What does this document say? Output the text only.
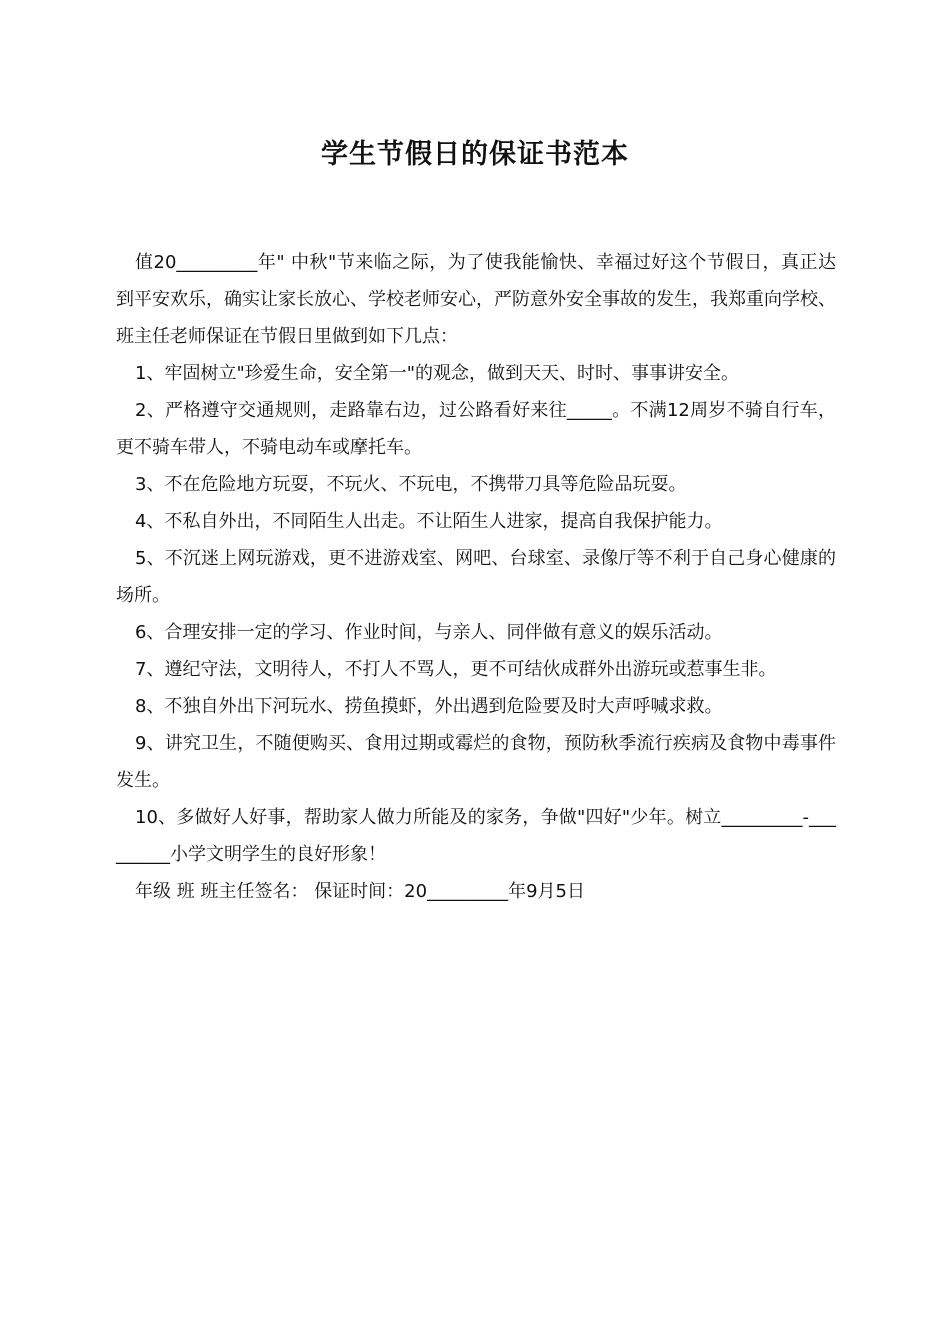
学生节假日的保证书范本

值20_________年" 中秋"节来临之际，为了使我能愉快、幸福过好这个节假日，真正达到平安欢乐，确实让家长放心、学校老师安心，严防意外安全事故的发生，我郑重向学校、班主任老师保证在节假日里做到如下几点：

1、牢固树立"珍爱生命，安全第一"的观念，做到天天、时时、事事讲安全。

2、严格遵守交通规则，走路靠右边，过公路看好来往_____。不满12周岁不骑自行车，更不骑车带人，不骑电动车或摩托车。

3、不在危险地方玩耍，不玩火、不玩电，不携带刀具等危险品玩耍。

4、不私自外出，不同陌生人出走。不让陌生人进家，提高自我保护能力。

5、不沉迷上网玩游戏，更不进游戏室、网吧、台球室、录像厅等不利于自己身心健康的场所。

6、合理安排一定的学习、作业时间，与亲人、同伴做有意义的娱乐活动。

7、遵纪守法，文明待人，不打人不骂人，更不可结伙成群外出游玩或惹事生非。

8、不独自外出下河玩水、捞鱼摸虾，外出遇到危险要及时大声呼喊求救。

9、讲究卫生，不随便购买、食用过期或霉烂的食物，预防秋季流行疾病及食物中毒事件发生。

10、多做好人好事，帮助家人做力所能及的家务，争做"四好"少年。树立_________-_________小学文明学生的良好形象！

年级 班 班主任签名： 保证时间：20_________年9月5日
